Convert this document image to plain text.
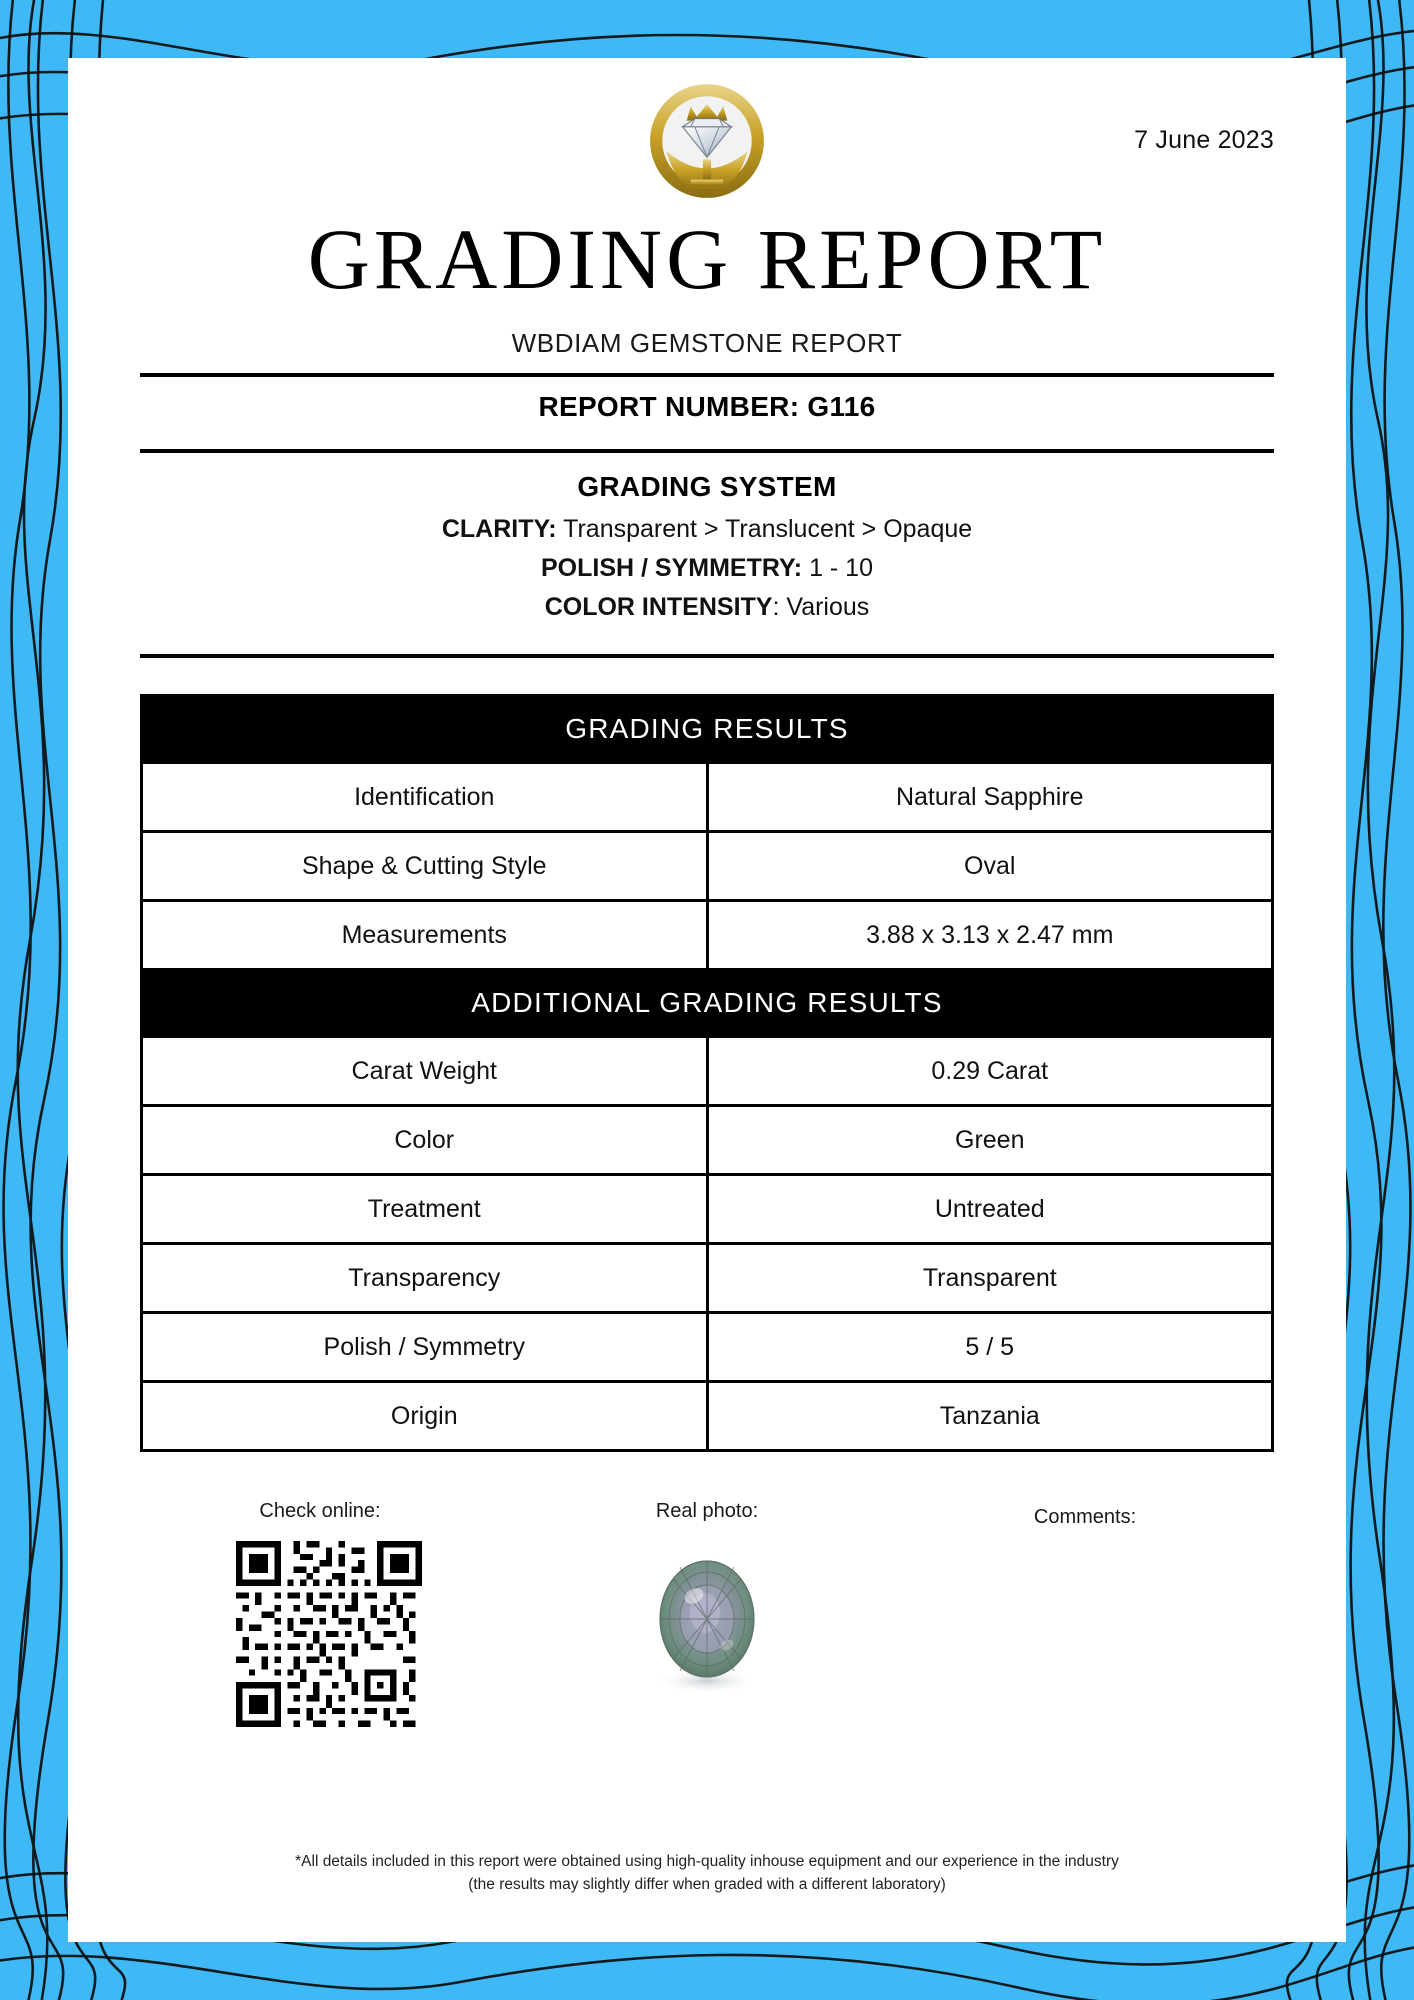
7 June 2023
GRADING REPORT
WBDIAM GEMSTONE REPORT
REPORT NUMBER: G116
GRADING SYSTEM
CLARITY: Transparent > Translucent > Opaque
POLISH / SYMMETRY: 1 - 10
COLOR INTENSITY: Various
GRADING RESULTS	
Identification	Natural Sapphire
Shape & Cutting Style	Oval
Measurements	3.88 x 3.13 x 2.47 mm
ADDITIONAL GRADING RESULTS	
Carat Weight	0.29 Carat
Color	Green
Treatment	Untreated
Transparency	Transparent
Polish / Symmetry	5 / 5
Origin	Tanzania
Check online:	Real photo:	Comments:
*All details included in this report were obtained using high-quality inhouse equipment and our experience in the industry
(the results may slightly differ when graded with a different laboratory)
